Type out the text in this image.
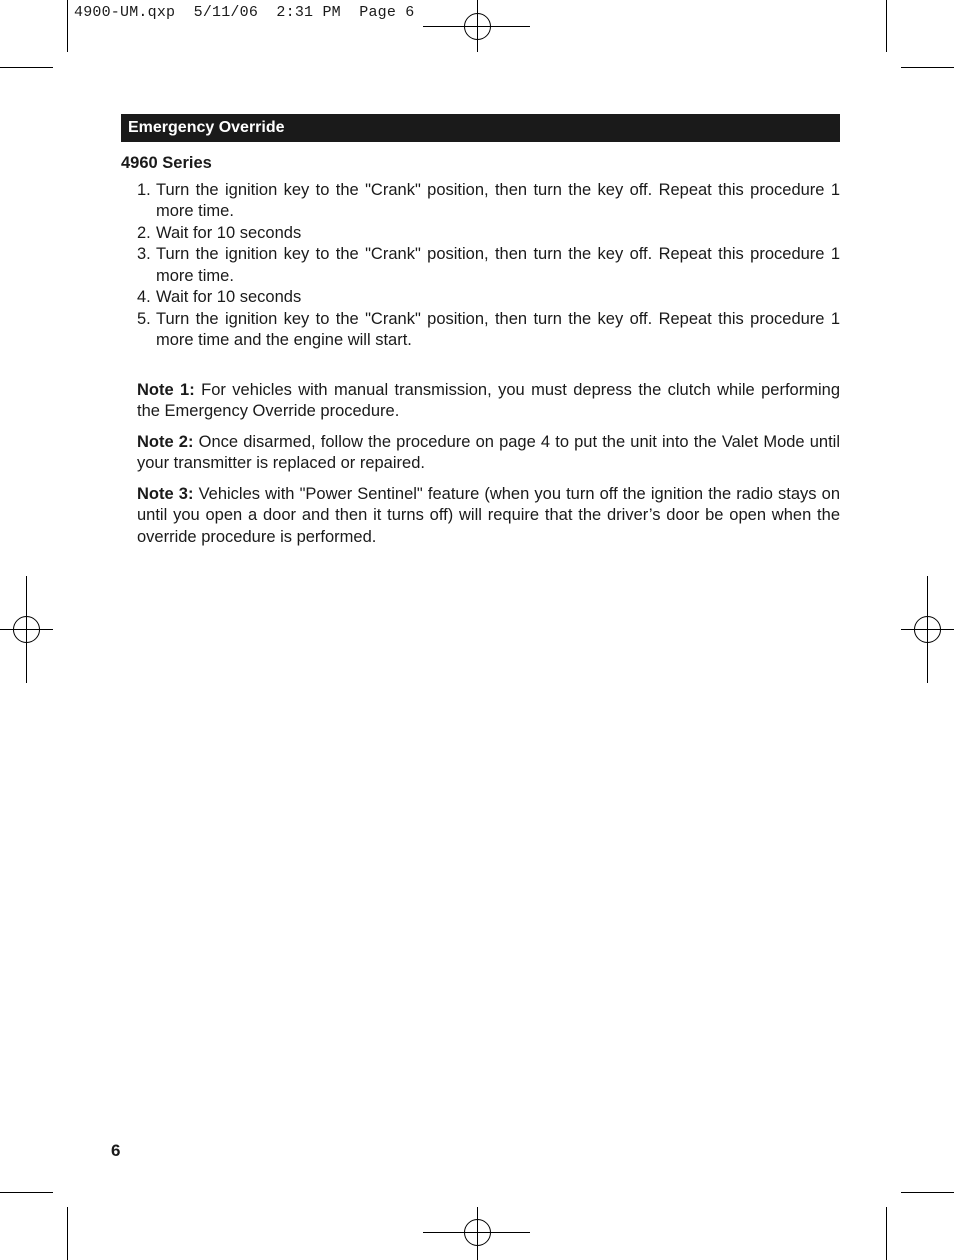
4900-UM.qxp  5/11/06  2:31 PM  Page 6
Emergency Override
4960 Series
1. Turn the ignition key to the "Crank" position, then turn the key off. Repeat this procedure 1 more time.
2. Wait for 10 seconds
3. Turn the ignition key to the "Crank" position, then turn the key off. Repeat this procedure 1 more time.
4. Wait for 10 seconds
5. Turn the ignition key to the "Crank" position, then turn the key off. Repeat this procedure 1 more time and the engine will start.

Note 1: For vehicles with manual transmission, you must depress the clutch while performing the Emergency Override procedure.

Note 2: Once disarmed, follow the procedure on page 4 to put the unit into the Valet Mode until your transmitter is replaced or repaired.

Note 3: Vehicles with "Power Sentinel" feature (when you turn off the ignition the radio stays on until you open a door and then it turns off) will require that the driver’s door be open when the override procedure is performed.

6
